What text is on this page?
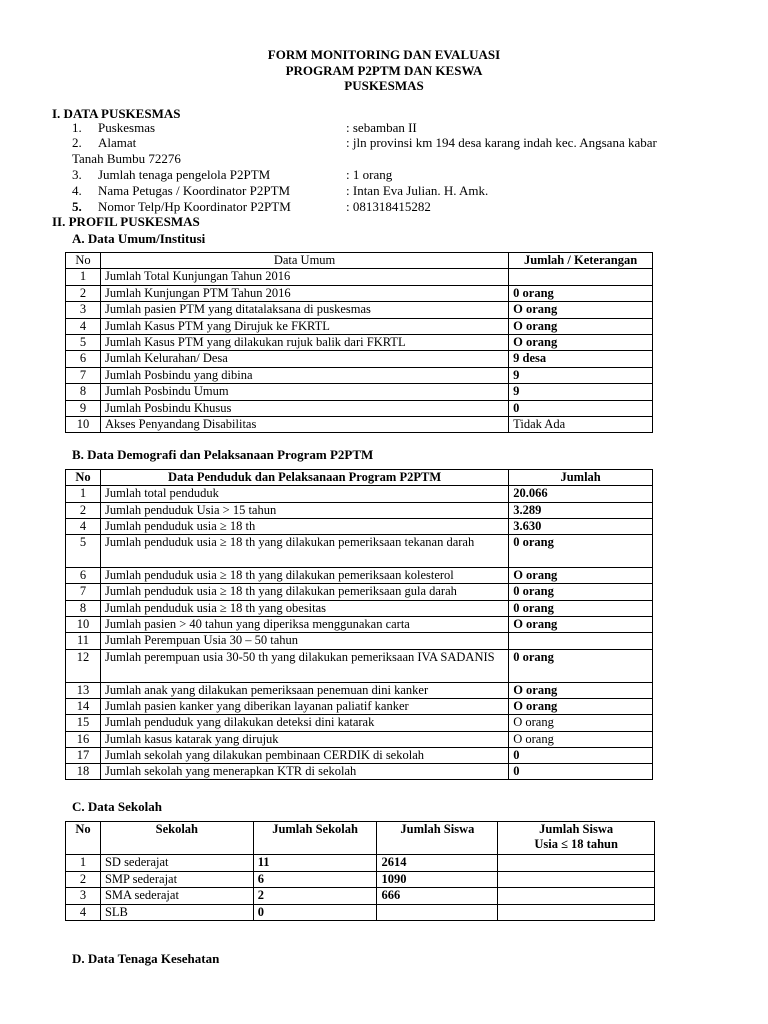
FORM MONITORING DAN EVALUASI
PROGRAM P2PTM DAN KESWA
PUSKESMAS
I. DATA PUSKESMAS
1. Puskesmas	: sebamban II
2. Alamat	: jln provinsi km 194 desa karang indah kec. Angsana kabar
Tanah Bumbu 72276
3. Jumlah tenaga pengelola P2PTM	: 1 orang
4. Nama Petugas / Koordinator P2PTM	: Intan Eva Julian. H. Amk.
5. Nomor Telp/Hp Koordinator P2PTM	: 081318415282
II. PROFIL PUSKESMAS
A. Data Umum/Institusi
No	Data Umum	Jumlah / Keterangan
1	Jumlah Total Kunjungan Tahun 2016	
2	Jumlah Kunjungan PTM Tahun 2016	0 orang
3	Jumlah pasien PTM yang ditatalaksana di puskesmas	O orang
4	Jumlah Kasus PTM yang Dirujuk ke FKRTL	O orang
5	Jumlah Kasus PTM yang dilakukan rujuk balik dari FKRTL	O orang
6	Jumlah Kelurahan/ Desa	9 desa
7	Jumlah Posbindu yang dibina	9
8	Jumlah Posbindu Umum	9
9	Jumlah Posbindu Khusus	0
10	Akses Penyandang Disabilitas	Tidak Ada
B. Data Demografi dan Pelaksanaan Program P2PTM
No	Data Penduduk dan Pelaksanaan Program P2PTM	Jumlah
1	Jumlah total penduduk	20.066
2	Jumlah penduduk Usia > 15 tahun	3.289
4	Jumlah penduduk usia ≥ 18 th	3.630
5	Jumlah penduduk usia ≥ 18 th yang dilakukan pemeriksaan tekanan darah	0 orang
6	Jumlah penduduk usia ≥ 18 th yang dilakukan pemeriksaan kolesterol	O orang
7	Jumlah penduduk usia ≥ 18 th yang dilakukan pemeriksaan gula darah	0 orang
8	Jumlah penduduk usia ≥ 18 th yang obesitas	0 orang
10	Jumlah pasien > 40 tahun yang diperiksa menggunakan carta	O orang
11	Jumlah Perempuan Usia 30 – 50 tahun	
12	Jumlah perempuan usia 30-50 th yang dilakukan pemeriksaan IVA SADANIS	0 orang
13	Jumlah anak yang dilakukan pemeriksaan penemuan dini kanker	O orang
14	Jumlah pasien kanker yang diberikan layanan paliatif kanker	O orang
15	Jumlah penduduk yang dilakukan deteksi dini katarak	O orang
16	Jumlah kasus katarak yang dirujuk	O orang
17	Jumlah sekolah yang dilakukan pembinaan CERDIK di sekolah	0
18	Jumlah sekolah yang menerapkan KTR di sekolah	0
C. Data Sekolah
No	Sekolah	Jumlah Sekolah	Jumlah Siswa	Jumlah Siswa
Usia ≤ 18 tahun

1	SD sederajat	11	2614	
2	SMP sederajat	6	1090	
3	SMA sederajat	2	666	
4	SLB	0		
D. Data Tenaga Kesehatan
